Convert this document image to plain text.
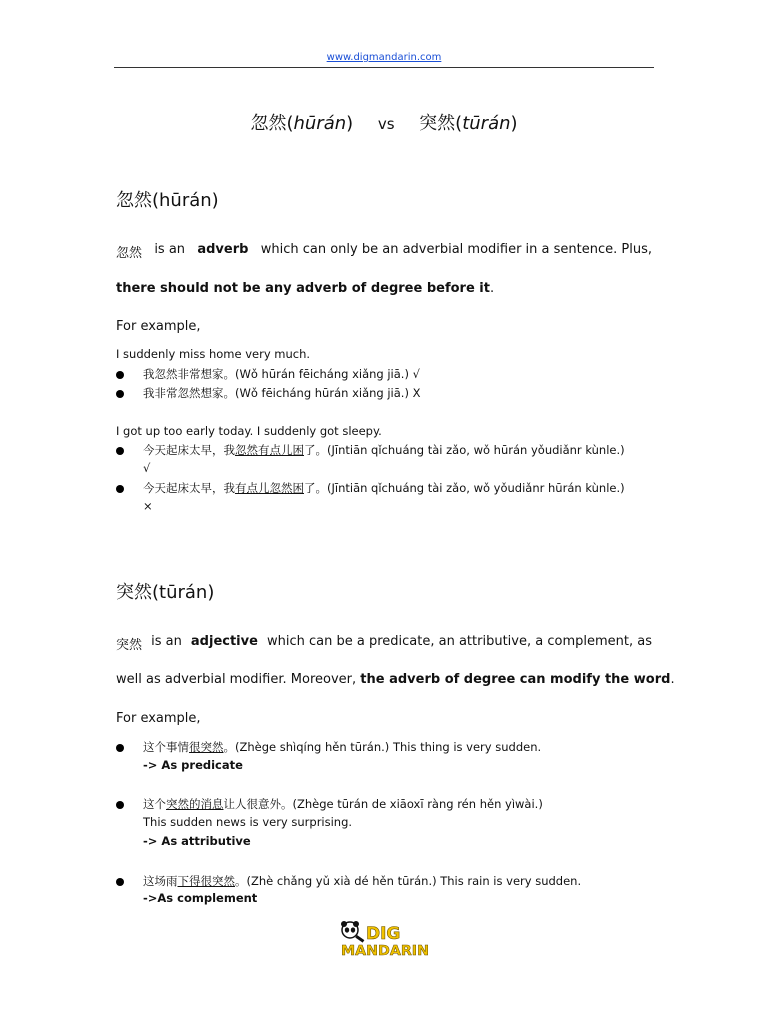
www.digmandarin.com
忽然(hūrán) vs 突然(tūrán)
忽然(hūrán)
忽然 is an adverb which can only be an adverbial modifier in a sentence. Plus,
there should not be any adverb of degree before it.
For example,
I suddenly miss home very much.
我忽然非常想家。(Wǒ hūrán fēicháng xiǎng jiā.) √
我非常忽然想家。(Wǒ fēicháng hūrán xiǎng jiā.) X
I got up too early today. I suddenly got sleepy.
今天起床太早，我忽然有点儿困了。(Jīntiān qǐchuáng tài zǎo, wǒ hūrán yǒudiǎnr kùnle.)
√
今天起床太早，我有点儿忽然困了。(Jīntiān qǐchuáng tài zǎo, wǒ yǒudiǎnr hūrán kùnle.)
×
突然(tūrán)
突然 is an adjective which can be a predicate, an attributive, a complement, as
well as adverbial modifier. Moreover, the adverb of degree can modify the word.
For example,
这个事情很突然。(Zhège shìqíng hěn tūrán.) This thing is very sudden.
-> As predicate
这个突然的消息让人很意外。(Zhège tūrán de xiāoxī ràng rén hěn yìwài.)
This sudden news is very surprising.
-> As attributive
这场雨下得很突然。(Zhè chǎng yǔ xià dé hěn tūrán.) This rain is very sudden.
->As complement
DIG
MANDARIN
